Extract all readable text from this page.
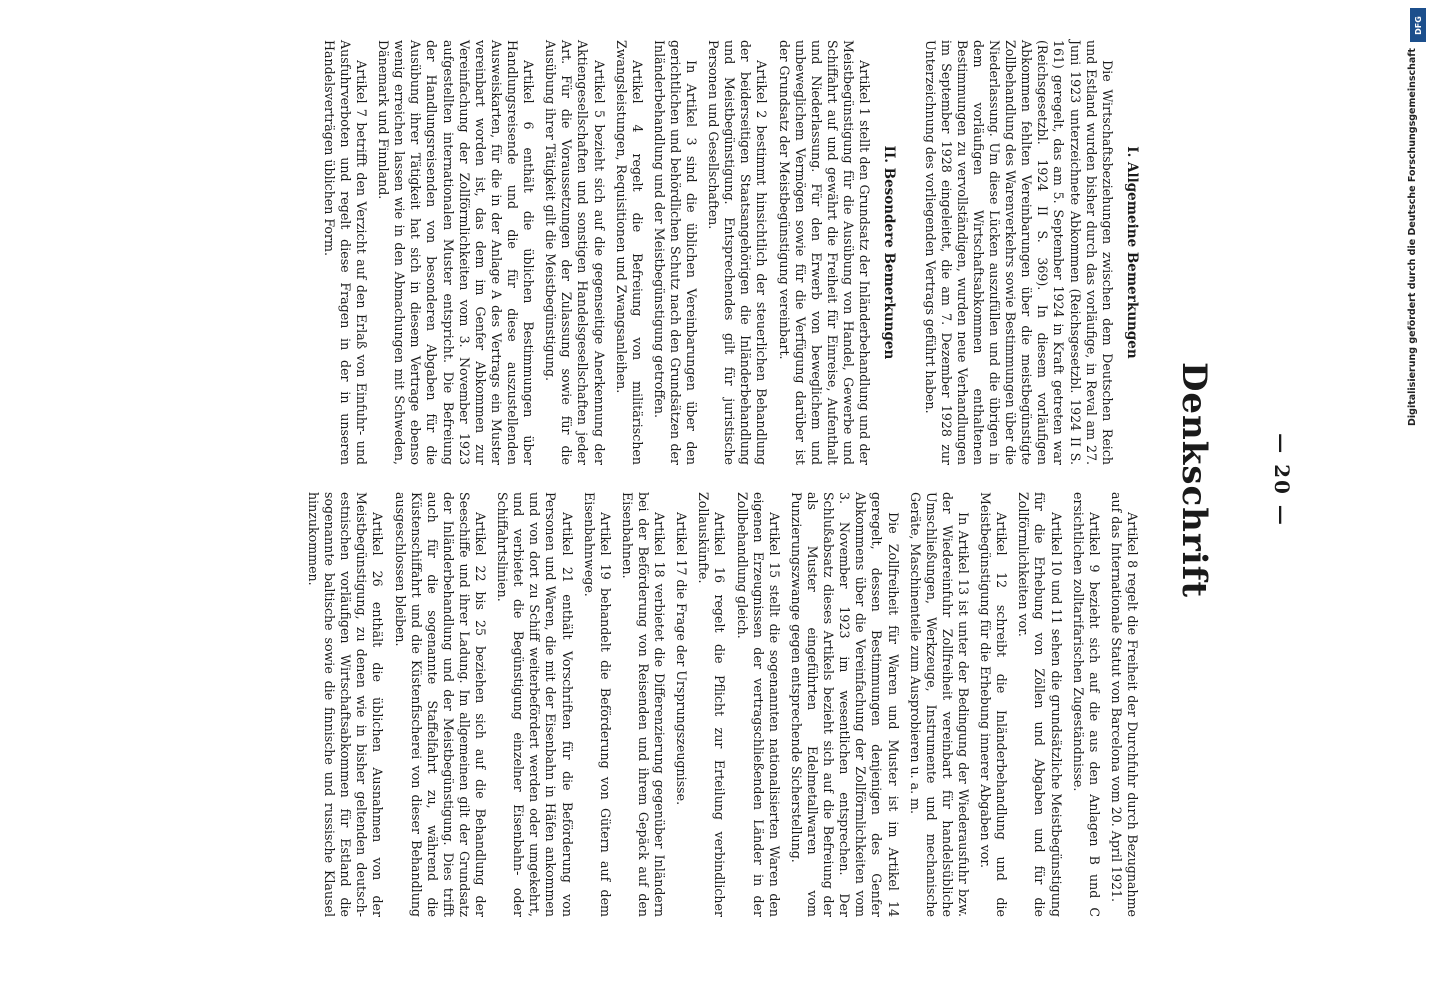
— 20 —
Denkschrift
I. Allgemeine Bemerkungen

Die Wirtschaftsbeziehungen zwischen dem Deutschen Reich und Estland wurden bisher durch das vorläufige, in Reval am 27. Juni 1923 unterzeichnete Abkommen (Reichsgesetzbl. 1924 II S. 161) geregelt, das am 5. September 1924 in Kraft getreten war (Reichsgesetzbl. 1924 II S. 369). In diesem vorläufigen Abkommen fehlten Vereinbarungen über die meistbegünstigte Zollbehandlung des Warenverkehrs sowie Bestimmungen über die Niederlassung. Um diese Lücken auszufüllen und die übrigen in dem vorläufigen Wirtschaftsabkommen enthaltenen Bestimmungen zu vervollständigen, wurden neue Verhandlungen im September 1928 eingeleitet, die am 7. Dezember 1928 zur Unterzeichnung des vorliegenden Vertrags geführt haben.

II. Besondere Bemerkungen

Artikel 1 stellt den Grundsatz der Inländerbehandlung und der Meistbegünstigung für die Ausübung von Handel, Gewerbe und Schiffahrt auf und gewährt die Freiheit für Einreise, Aufenthalt und Niederlassung. Für den Erwerb von beweglichem und unbeweglichem Vermögen sowie für die Verfügung darüber ist der Grundsatz der Meistbegünstigung vereinbart.

Artikel 2 bestimmt hinsichtlich der steuerlichen Behandlung der beiderseitigen Staatsangehörigen die Inländerbehandlung und Meistbegünstigung. Entsprechendes gilt für juristische Personen und Gesellschaften.

In Artikel 3 sind die üblichen Vereinbarungen über den gerichtlichen und behördlichen Schutz nach den Grundsätzen der Inländerbehandlung und der Meistbegünstigung getroffen.

Artikel 4 regelt die Befreiung von militärischen Zwangsleistungen, Requisitionen und Zwangsanleihen.

Artikel 5 bezieht sich auf die gegenseitige Anerkennung der Aktiengesellschaften und sonstigen Handelsgesellschaften jeder Art. Für die Voraussetzungen der Zulassung sowie für die Ausübung ihrer Tätigkeit gilt die Meistbegünstigung.

Artikel 6 enthält die üblichen Bestimmungen über Handlungsreisende und die für diese auszustellenden Ausweiskarten, für die in der Anlage A des Vertrags ein Muster vereinbart worden ist, das dem im Genfer Abkommen zur Vereinfachung der Zollförmlichkeiten vom 3. November 1923 aufgestellten internationalen Muster entspricht. Die Befreiung der Handlungsreisenden von besonderen Abgaben für die Ausübung ihrer Tätigkeit hat sich in diesem Vertrage ebenso wenig erreichen lassen wie in den Abmachungen mit Schweden, Dänemark und Finnland.

Artikel 7 betrifft den Verzicht auf den Erlaß von Einfuhr- und Ausfuhrverboten und regelt diese Fragen in der in unseren Handelsverträgen üblichen Form.

Artikel 8 regelt die Freiheit der Durchfuhr durch Bezugnahme auf das Internationale Statut von Barcelona vom 20. April 1921.

Artikel 9 bezieht sich auf die aus den Anlagen B und C ersichtlichen zolltarifarischen Zugeständnisse.

Artikel 10 und 11 sehen die grundsätzliche Meistbegünstigung für die Erhebung von Zöllen und Abgaben und für die Zollförmlichkeiten vor.

Artikel 12 schreibt die Inländerbehandlung und die Meistbegünstigung für die Erhebung innerer Abgaben vor.

In Artikel 13 ist unter der Bedingung der Wiederausfuhr bzw. der Wiedereinfuhr Zollfreiheit vereinbart für handelsübliche Umschließungen, Werkzeuge, Instrumente und mechanische Geräte, Maschinenteile zum Ausprobieren u. a. m.

Die Zollfreiheit für Waren und Muster ist im Artikel 14 geregelt, dessen Bestimmungen denjenigen des Genfer Abkommens über die Vereinfachung der Zollförmlichkeiten vom 3. November 1923 im wesentlichen entsprechen. Der Schlußabsatz dieses Artikels bezieht sich auf die Befreiung der als Muster eingeführten Edelmetallwaren vom Punzierungszwange gegen entsprechende Sicherstellung.

Artikel 15 stellt die sogenannten nationalisierten Waren den eigenen Erzeugnissen der vertragschließenden Länder in der Zollbehandlung gleich.

Artikel 16 regelt die Pflicht zur Erteilung verbindlicher Zollauskünfte.

Artikel 17 die Frage der Ursprungszeugnisse.

Artikel 18 verbietet die Differenzierung gegenüber Inländern bei der Beförderung von Reisenden und ihrem Gepäck auf den Eisenbahnen.

Artikel 19 behandelt die Beförderung von Gütern auf dem Eisenbahnwege.

Artikel 21 enthält Vorschriften für die Beförderung von Personen und Waren, die mit der Eisenbahn in Häfen ankommen und von dort zu Schiff weiterbefördert werden oder umgekehrt, und verbietet die Begünstigung einzelner Eisenbahn- oder Schiffahrtslinien.

Artikel 22 bis 25 beziehen sich auf die Behandlung der Seeschiffe und ihrer Ladung. Im allgemeinen gilt der Grundsatz der Inländerbehandlung und der Meistbegünstigung. Dies trifft auch für die sogenannte Staffelfahrt zu, während die Küstenschiffahrt und die Küstenfischerei von dieser Behandlung ausgeschlossen bleiben.

Artikel 26 enthält die üblichen Ausnahmen von der Meistbegünstigung, zu denen wie in bisher geltenden deutsch-estnischen vorläufigen Wirtschaftsabkommen für Estland die sogenannte baltische sowie die finnische und russische Klausel hinzukommen.

DFG
Digitalisierung gefördert durch die Deutsche Forschungsgemeinschaft
